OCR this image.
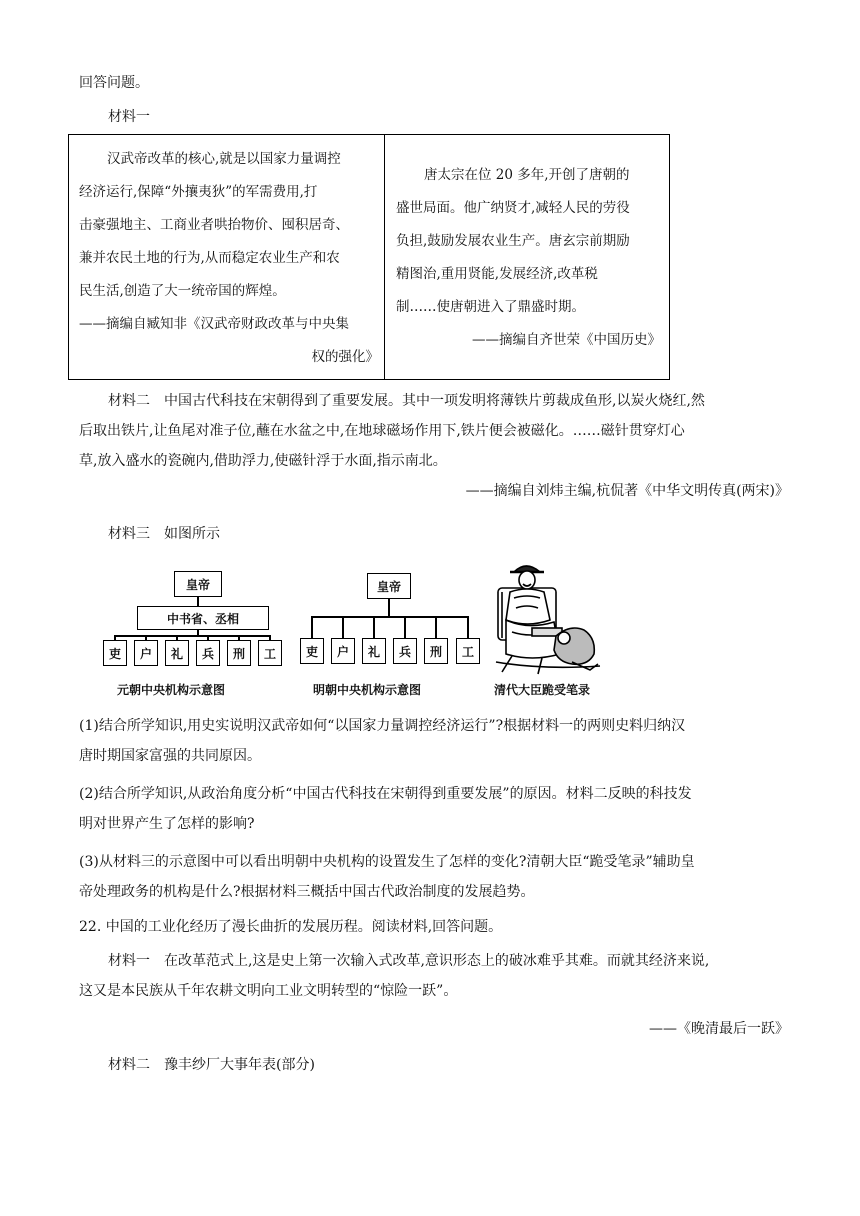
回答问题。
材料一
汉武帝改革的核心,就是以国家力量调控
经济运行,保障“外攘夷狄”的军需费用,打
击豪强地主、工商业者哄抬物价、囤积居奇、
兼并农民土地的行为,从而稳定农业生产和农
民生活,创造了大一统帝国的辉煌。
——摘编自臧知非《汉武帝财政改革与中央集
权的强化》
唐太宗在位 20 多年,开创了唐朝的
盛世局面。他广纳贤才,减轻人民的劳役
负担,鼓励发展农业生产。唐玄宗前期励
精图治,重用贤能,发展经济,改革税
制……使唐朝进入了鼎盛时期。
——摘编自齐世荣《中国历史》
材料二　中国古代科技在宋朝得到了重要发展。其中一项发明将薄铁片剪裁成鱼形,以炭火烧红,然
后取出铁片,让鱼尾对准子位,蘸在水盆之中,在地球磁场作用下,铁片便会被磁化。……磁针贯穿灯心
草,放入盛水的瓷碗内,借助浮力,使磁针浮于水面,指示南北。
——摘编自刘炜主编,杭侃著《中华文明传真(两宋)》
材料三　如图所示
皇帝
中书省、丞相
吏	户	礼	兵	刑	工
元朝中央机构示意图
皇帝
吏	户	礼	兵	刑	工
明朝中央机构示意图	清代大臣跪受笔录
(1)结合所学知识,用史实说明汉武帝如何“以国家力量调控经济运行”?根据材料一的两则史料归纳汉
唐时期国家富强的共同原因。
(2)结合所学知识,从政治角度分析“中国古代科技在宋朝得到重要发展”的原因。材料二反映的科技发
明对世界产生了怎样的影响?
(3)从材料三的示意图中可以看出明朝中央机构的设置发生了怎样的变化?清朝大臣“跪受笔录”辅助皇
帝处理政务的机构是什么?根据材料三概括中国古代政治制度的发展趋势。
22. 中国的工业化经历了漫长曲折的发展历程。阅读材料,回答问题。
材料一　在改革范式上,这是史上第一次输入式改革,意识形态上的破冰难乎其难。而就其经济来说,
这又是本民族从千年农耕文明向工业文明转型的“惊险一跃”。
——《晚清最后一跃》
材料二　豫丰纱厂大事年表(部分)
